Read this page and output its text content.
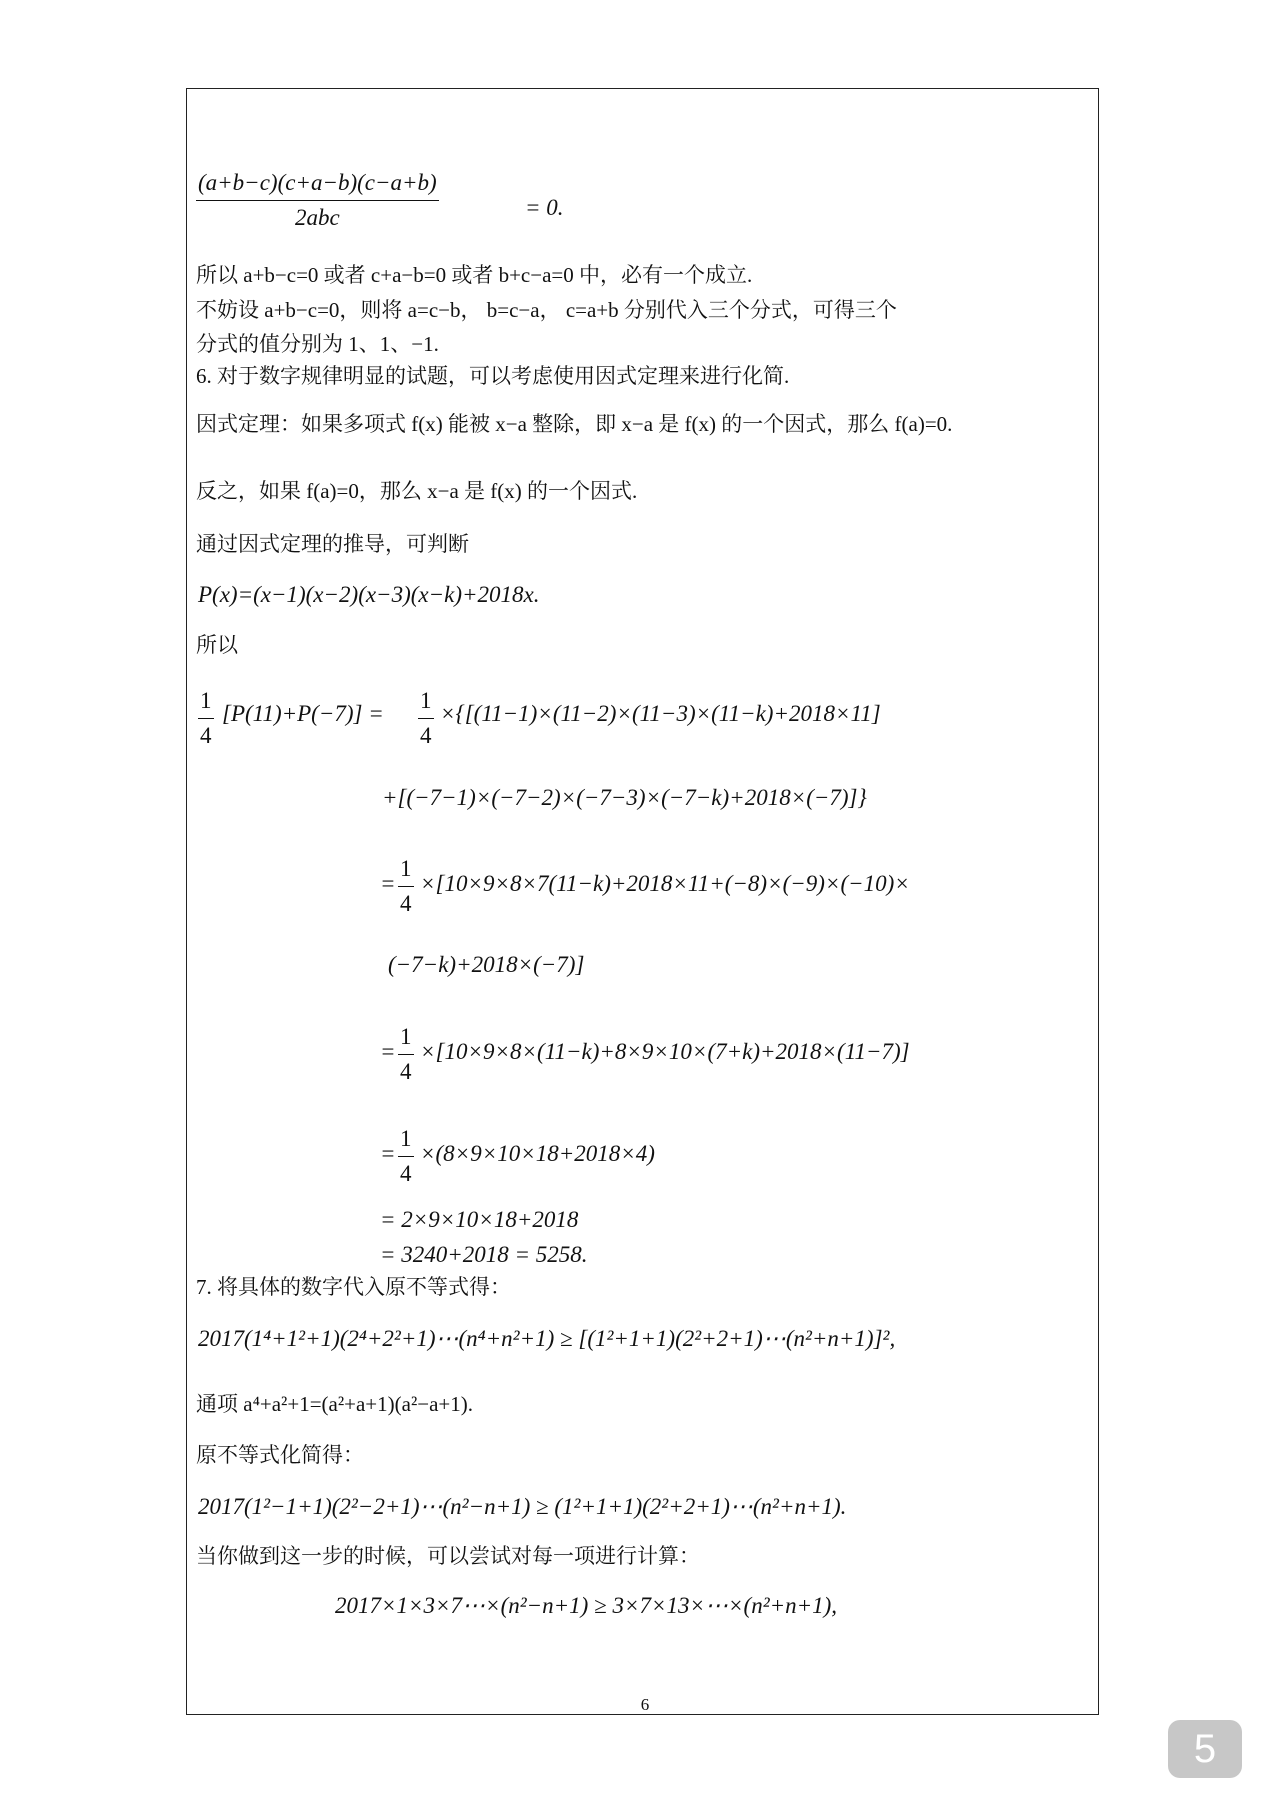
(a+b−c)(c+a−b)(c−a+b)
2abc	= 0.
所以 a+b−c=0 或者 c+a−b=0 或者 b+c−a=0 中，必有一个成立.
不妨设 a+b−c=0，则将 a=c−b， b=c−a， c=a+b 分别代入三个分式，可得三个
分式的值分别为 1、1、−1.
6. 对于数字规律明显的试题，可以考虑使用因式定理来进行化简.
因式定理：如果多项式 f(x) 能被 x−a 整除，即 x−a 是 f(x) 的一个因式，那么 f(a)=0.
反之，如果 f(a)=0，那么 x−a 是 f(x) 的一个因式.
通过因式定理的推导，可判断
P(x)=(x−1)(x−2)(x−3)(x−k)+2018x.
所以
$\frac{1}{4} [P(11)+P(-7)] = \frac{1}{4} \times\{[(11-1)\times(11-2)\times(11-3)\times(11-k)+2018\times 11]$
+[(−7−1)×(−7−2)×(−7−3)×(−7−k)+2018×(−7)]}
= $\frac{1}{4} \times[10\times 9\times 8\times 7(11-k)+2018\times 11+(-8)\times(-9)\times(-10)\times$
(−7−k)+2018×(−7)]
= $\frac{1}{4} \times[10\times 9\times 8\times(11-k)+8\times 9\times 10\times(7+k)+2018\times(11-7)]$
= $\frac{1}{4} \times(8\times 9\times 10\times 18+2018\times 4)$
= 2×9×10×18+2018
= 3240+2018 = 5258.
7. 将具体的数字代入原不等式得：
2017(1⁴+1²+1)(2⁴+2²+1)⋯(n⁴+n²+1) ≥ [(1²+1+1)(2²+2+1)⋯(n²+n+1)]²,
通项 a⁴+a²+1=(a²+a+1)(a²−a+1).
原不等式化简得：
2017(1²−1+1)(2²−2+1)⋯(n²−n+1) ≥ (1²+1+1)(2²+2+1)⋯(n²+n+1).
当你做到这一步的时候，可以尝试对每一项进行计算：
2017×1×3×7⋯×(n²−n+1) ≥ 3×7×13×⋯×(n²+n+1),
6
5
